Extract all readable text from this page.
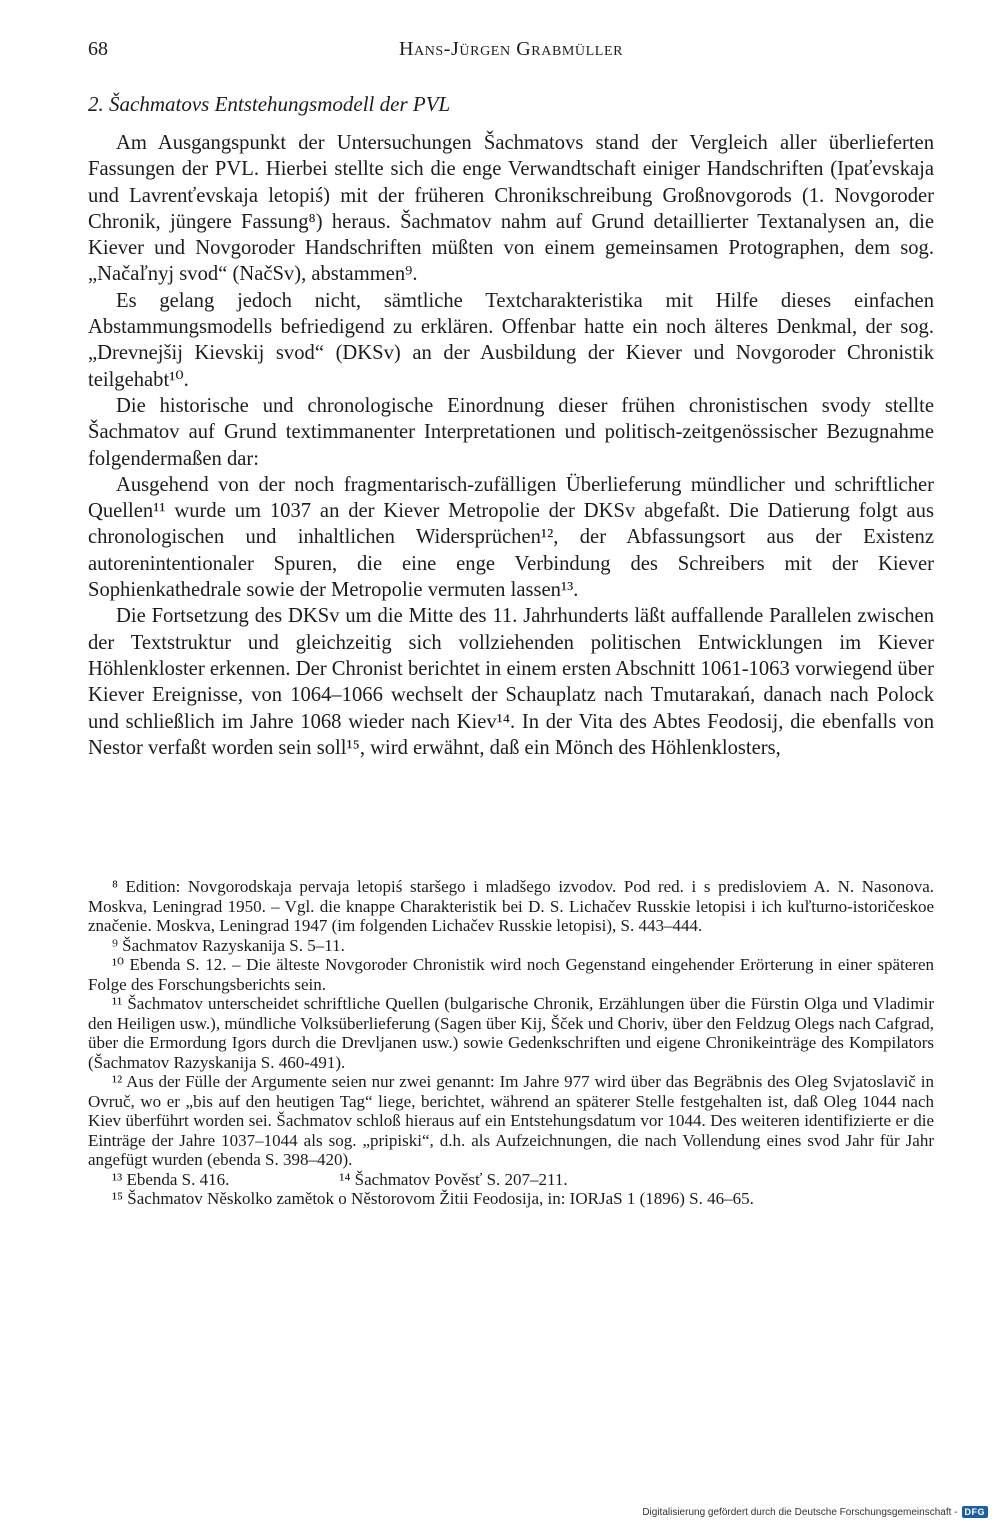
68	Hans-Jürgen Grabmüller
2. Šachmatovs Entstehungsmodell der PVL

Am Ausgangspunkt der Untersuchungen Šachmatovs stand der Vergleich aller überlieferten Fassungen der PVL. Hierbei stellte sich die enge Verwandtschaft einiger Handschriften (Ipaťevskaja und Lavrenťevskaja letopiś) mit der früheren Chronikschreibung Großnovgorods (1. Novgoroder Chronik, jüngere Fassung⁸) heraus. Šachmatov nahm auf Grund detaillierter Textanalysen an, die Kiever und Novgoroder Handschriften müßten von einem gemeinsamen Protographen, dem sog. „Načaľnyj svod“ (NačSv), abstammen⁹.

Es gelang jedoch nicht, sämtliche Textcharakteristika mit Hilfe dieses einfachen Abstammungsmodells befriedigend zu erklären. Offenbar hatte ein noch älteres Denkmal, der sog. „Drevnejšij Kievskij svod“ (DKSv) an der Ausbildung der Kiever und Novgoroder Chronistik teilgehabt¹⁰.

Die historische und chronologische Einordnung dieser frühen chronistischen svody stellte Šachmatov auf Grund textimmanenter Interpretationen und politisch-zeitgenössischer Bezugnahme folgendermaßen dar:

Ausgehend von der noch fragmentarisch-zufälligen Überlieferung mündlicher und schriftlicher Quellen¹¹ wurde um 1037 an der Kiever Metropolie der DKSv abgefaßt. Die Datierung folgt aus chronologischen und inhaltlichen Widersprüchen¹², der Abfassungsort aus der Existenz autorenintentionaler Spuren, die eine enge Verbindung des Schreibers mit der Kiever Sophienkathedrale sowie der Metropolie vermuten lassen¹³.

Die Fortsetzung des DKSv um die Mitte des 11. Jahrhunderts läßt auffallende Parallelen zwischen der Textstruktur und gleichzeitig sich vollziehenden politischen Entwicklungen im Kiever Höhlenkloster erkennen. Der Chronist berichtet in einem ersten Abschnitt 1061-1063 vorwiegend über Kiever Ereignisse, von 1064–1066 wechselt der Schauplatz nach Tmutarakań, danach nach Polock und schließlich im Jahre 1068 wieder nach Kiev¹⁴. In der Vita des Abtes Feodosij, die ebenfalls von Nestor verfaßt worden sein soll¹⁵, wird erwähnt, daß ein Mönch des Höhlenklosters,

⁸ Edition: Novgorodskaja pervaja letopiś staršego i mladšego izvodov. Pod red. i s predisloviem A. N. Nasonova. Moskva, Leningrad 1950. – Vgl. die knappe Charakteristik bei D. S. Lichačev Russkie letopisi i ich kuľturno-istoričeskoe značenie. Moskva, Leningrad 1947 (im folgenden Lichačev Russkie letopisi), S. 443–444.

⁹ Šachmatov Razyskanija S. 5–11.

¹⁰ Ebenda S. 12. – Die älteste Novgoroder Chronistik wird noch Gegenstand eingehender Erörterung in einer späteren Folge des Forschungsberichts sein.

¹¹ Šachmatov unterscheidet schriftliche Quellen (bulgarische Chronik, Erzählungen über die Fürstin Olga und Vladimir den Heiligen usw.), mündliche Volksüberlieferung (Sagen über Kij, Šček und Choriv, über den Feldzug Olegs nach Cafgrad, über die Ermordung Igors durch die Drevljanen usw.) sowie Gedenkschriften und eigene Chronikeinträge des Kompilators (Šachmatov Razyskanija S. 460-491).

¹² Aus der Fülle der Argumente seien nur zwei genannt: Im Jahre 977 wird über das Begräbnis des Oleg Svjatoslavič in Ovruč, wo er „bis auf den heutigen Tag“ liege, berichtet, während an späterer Stelle festgehalten ist, daß Oleg 1044 nach Kiev überführt worden sei. Šachmatov schloß hieraus auf ein Entstehungsdatum vor 1044. Des weiteren identifizierte er die Einträge der Jahre 1037–1044 als sog. „pripiski“, d.h. als Aufzeichnungen, die nach Vollendung eines svod Jahr für Jahr angefügt wurden (ebenda S. 398–420).

¹³ Ebenda S. 416.	¹⁴ Šachmatov Pověsť S. 207–211.

¹⁵ Šachmatov Něskolko zamětok o Něstorovom Žitii Feodosija, in: IORJaS 1 (1896) S. 46–65.

Digitalisierung gefördert durch die Deutsche Forschungsgemeinschaft - DFG
